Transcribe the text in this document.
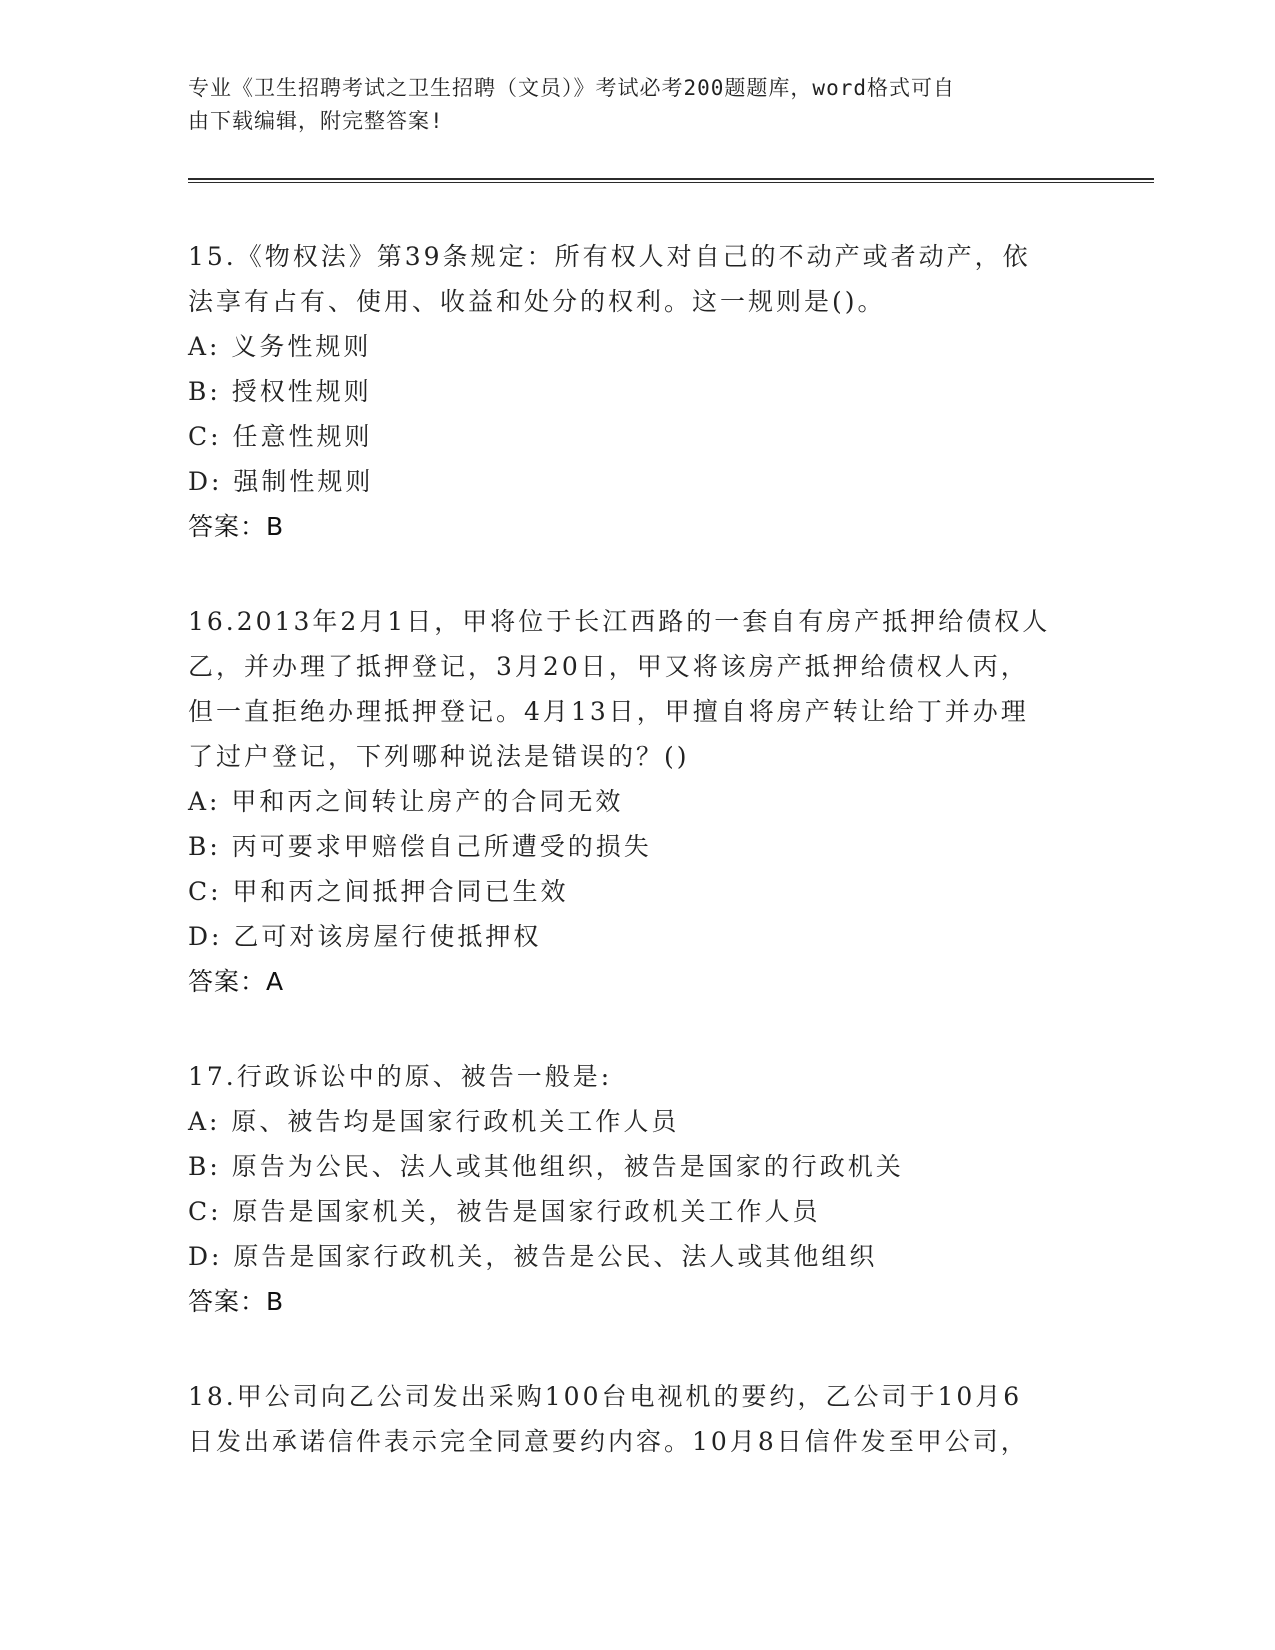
专业《卫生招聘考试之卫生招聘（文员）》考试必考200题题库，word格式可自
由下载编辑，附完整答案!

15.《物权法》第39条规定：所有权人对自己的不动产或者动产，依

法享有占有、使用、收益和处分的权利。这一规则是()。

A: 义务性规则

B: 授权性规则

C: 任意性规则

D: 强制性规则

答案：B

16.2013年2月1日，甲将位于长江西路的一套自有房产抵押给债权人

乙，并办理了抵押登记，3月20日，甲又将该房产抵押给债权人丙，

但一直拒绝办理抵押登记。4月13日，甲擅自将房产转让给丁并办理

了过户登记，下列哪种说法是错误的？()

A: 甲和丙之间转让房产的合同无效

B: 丙可要求甲赔偿自己所遭受的损失

C: 甲和丙之间抵押合同已生效

D: 乙可对该房屋行使抵押权

答案：A

17.行政诉讼中的原、被告一般是:

A: 原、被告均是国家行政机关工作人员

B: 原告为公民、法人或其他组织，被告是国家的行政机关

C: 原告是国家机关，被告是国家行政机关工作人员

D: 原告是国家行政机关，被告是公民、法人或其他组织

答案：B

18.甲公司向乙公司发出采购100台电视机的要约，乙公司于10月6

日发出承诺信件表示完全同意要约内容。10月8日信件发至甲公司，
